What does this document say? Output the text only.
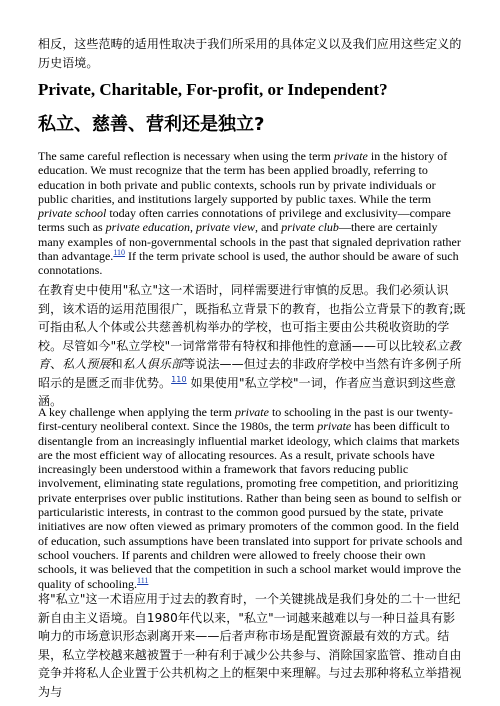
相反，这些范畴的适用性取决于我们所采用的具体定义以及我们应用这些定义的历史语境。

Private, Charitable, For-profit, or Independent?
私立、慈善、营利还是独立?

The same careful reflection is necessary when using the term private in the history of education. We must recognize that the term has been applied broadly, referring to education in both private and public contexts, schools run by private individuals or public charities, and institutions largely supported by public taxes. While the term private school today often carries connotations of privilege and exclusivity—compare terms such as private education, private view, and private club—there are certainly many examples of non-governmental schools in the past that signaled deprivation rather than advantage.$^{110}$ If the term private school is used, the author should be aware of such connotations.

在教育史中使用"私立"这一术语时，同样需要进行审慎的反思。我们必须认识到，该术语的运用范围很广，既指私立背景下的教育，也指公立背景下的教育;既可指由私人个体或公共慈善机构举办的学校，也可指主要由公共税收资助的学校。尽管如今"私立学校"一词常常带有特权和排他性的意涵——可以比较私立教育、私人预展和私人俱乐部等说法——但过去的非政府学校中当然有许多例子所昭示的是匮乏而非优势。$^{110}$ 如果使用"私立学校"一词，作者应当意识到这些意涵。

A key challenge when applying the term private to schooling in the past is our twenty-first-century neoliberal context. Since the 1980s, the term private has been difficult to disentangle from an increasingly influential market ideology, which claims that markets are the most efficient way of allocating resources. As a result, private schools have increasingly been understood within a framework that favors reducing public involvement, eliminating state regulations, promoting free competition, and prioritizing private enterprises over public institutions. Rather than being seen as bound to selfish or particularistic interests, in contrast to the common good pursued by the state, private initiatives are now often viewed as primary promoters of the common good. In the field of education, such assumptions have been translated into support for private schools and school vouchers. If parents and children were allowed to freely choose their own schools, it was believed that the competition in such a school market would improve the quality of schooling.$^{111}$

将"私立"这一术语应用于过去的教育时，一个关键挑战是我们身处的二十一世纪新自由主义语境。自1980年代以来，"私立"一词越来越难以与一种日益具有影响力的市场意识形态剥离开来——后者声称市场是配置资源最有效的方式。结果，私立学校越来越被置于一种有利于减少公共参与、消除国家监管、推动自由竞争并将私人企业置于公共机构之上的框架中来理解。与过去那种将私立举措视为与
